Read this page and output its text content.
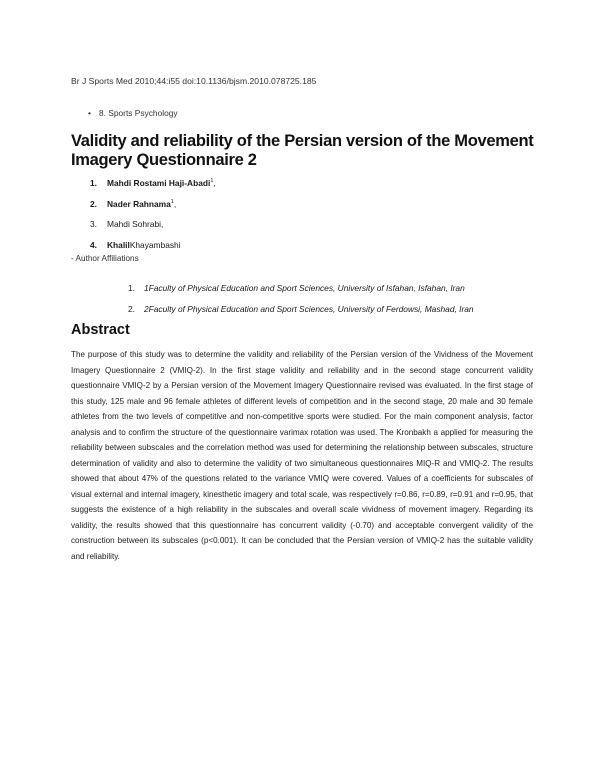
Br J Sports Med 2010;44:i55 doi:10.1136/bjsm.2010.078725.185
• 8. Sports Psychology
Validity and reliability of the Persian version of the Movement Imagery Questionnaire 2
1.	Mahdi Rostami Haji-Abadi 1 ,
2.	Nader Rahnama 1 ,
3.	Mahdi Sohrabi ,
4.	Khalil Khayambashi
- Author Affiliations
1.	1Faculty of Physical Education and Sport Sciences, University of Isfahan, Isfahan, Iran
2.	2Faculty of Physical Education and Sport Sciences, University of Ferdowsi, Mashad, Iran
Abstract

The purpose of this study was to determine the validity and reliability of the Persian version of the Vividness of the Movement Imagery Questionnaire 2 (VMIQ-2). In the first stage validity and reliability and in the second stage concurrent validity questionnaire VMIQ-2 by a Persian version of the Movement Imagery Questionnaire revised was evaluated. In the first stage of this study, 125 male and 96 female athletes of different levels of competition and in the second stage, 20 male and 30 female athletes from the two levels of competitive and non-competitive sports were studied. For the main component analysis, factor analysis and to confirm the structure of the questionnaire varimax rotation was used. The Kronbakh a applied for measuring the reliability between subscales and the correlation method was used for determining the relationship between subscales, structure determination of validity and also to determine the validity of two simultaneous questionnaires MIQ-R and VMIQ-2. The results showed that about 47% of the questions related to the variance VMIQ were covered. Values of a coefficients for subscales of visual external and internal imagery, kinesthetic imagery and total scale, was respectively r=0.86, r=0.89, r=0.91 and r=0.95, that suggests the existence of a high reliability in the subscales and overall scale vividness of movement imagery. Regarding its validity, the results showed that this questionnaire has concurrent validity (-0.70) and acceptable convergent validity of the construction between its subscales (p<0.001). It can be concluded that the Persian version of VMIQ-2 has the suitable validity and reliability.
